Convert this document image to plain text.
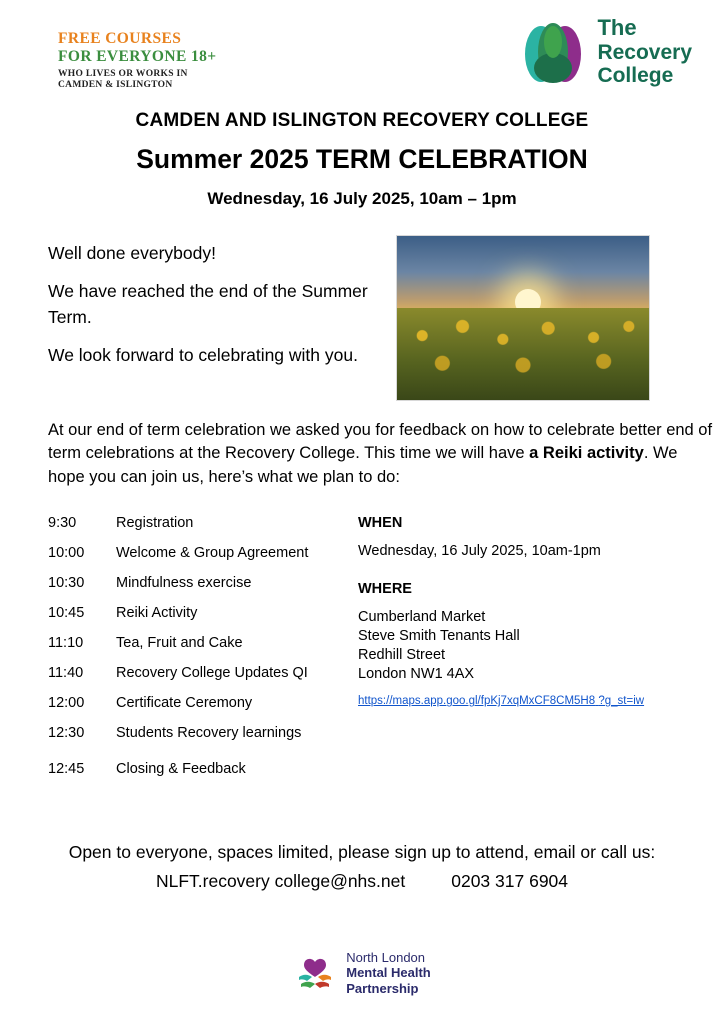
FREE COURSES
FOR EVERYONE 18+
WHO LIVES OR WORKS IN
CAMDEN & ISLINGTON
The
Recovery
College
CAMDEN AND ISLINGTON RECOVERY COLLEGE
Summer 2025 TERM CELEBRATION
Wednesday, 16 July 2025, 10am – 1pm

Well done everybody!

We have reached the end of the Summer Term.

We look forward to celebrating with you.

At our end of term celebration we asked you for feedback on how to celebrate better end of term celebrations at the Recovery College. This time we will have a Reiki activity. We hope you can join us, here’s what we plan to do:
9:30	Registration
10:00	Welcome & Group Agreement
10:30	Mindfulness exercise
10:45	Reiki Activity
11:10	Tea, Fruit and Cake
11:40	Recovery College Updates QI
12:00	Certificate Ceremony
12:30	Students Recovery learnings
12:45	Closing & Feedback
WHEN
Wednesday, 16 July 2025, 10am-1pm
WHERE
Cumberland Market
Steve Smith Tenants Hall
Redhill Street
London NW1 4AX
https://maps.app.goo.gl/fpKj7xqMxCF8CM5H8 ?g_st=iw
Open to everyone, spaces limited, please sign up to attend, email or call us:
NLFT.recovery college@nhs.net	0203 317 6904
North London
Mental Health
Partnership
